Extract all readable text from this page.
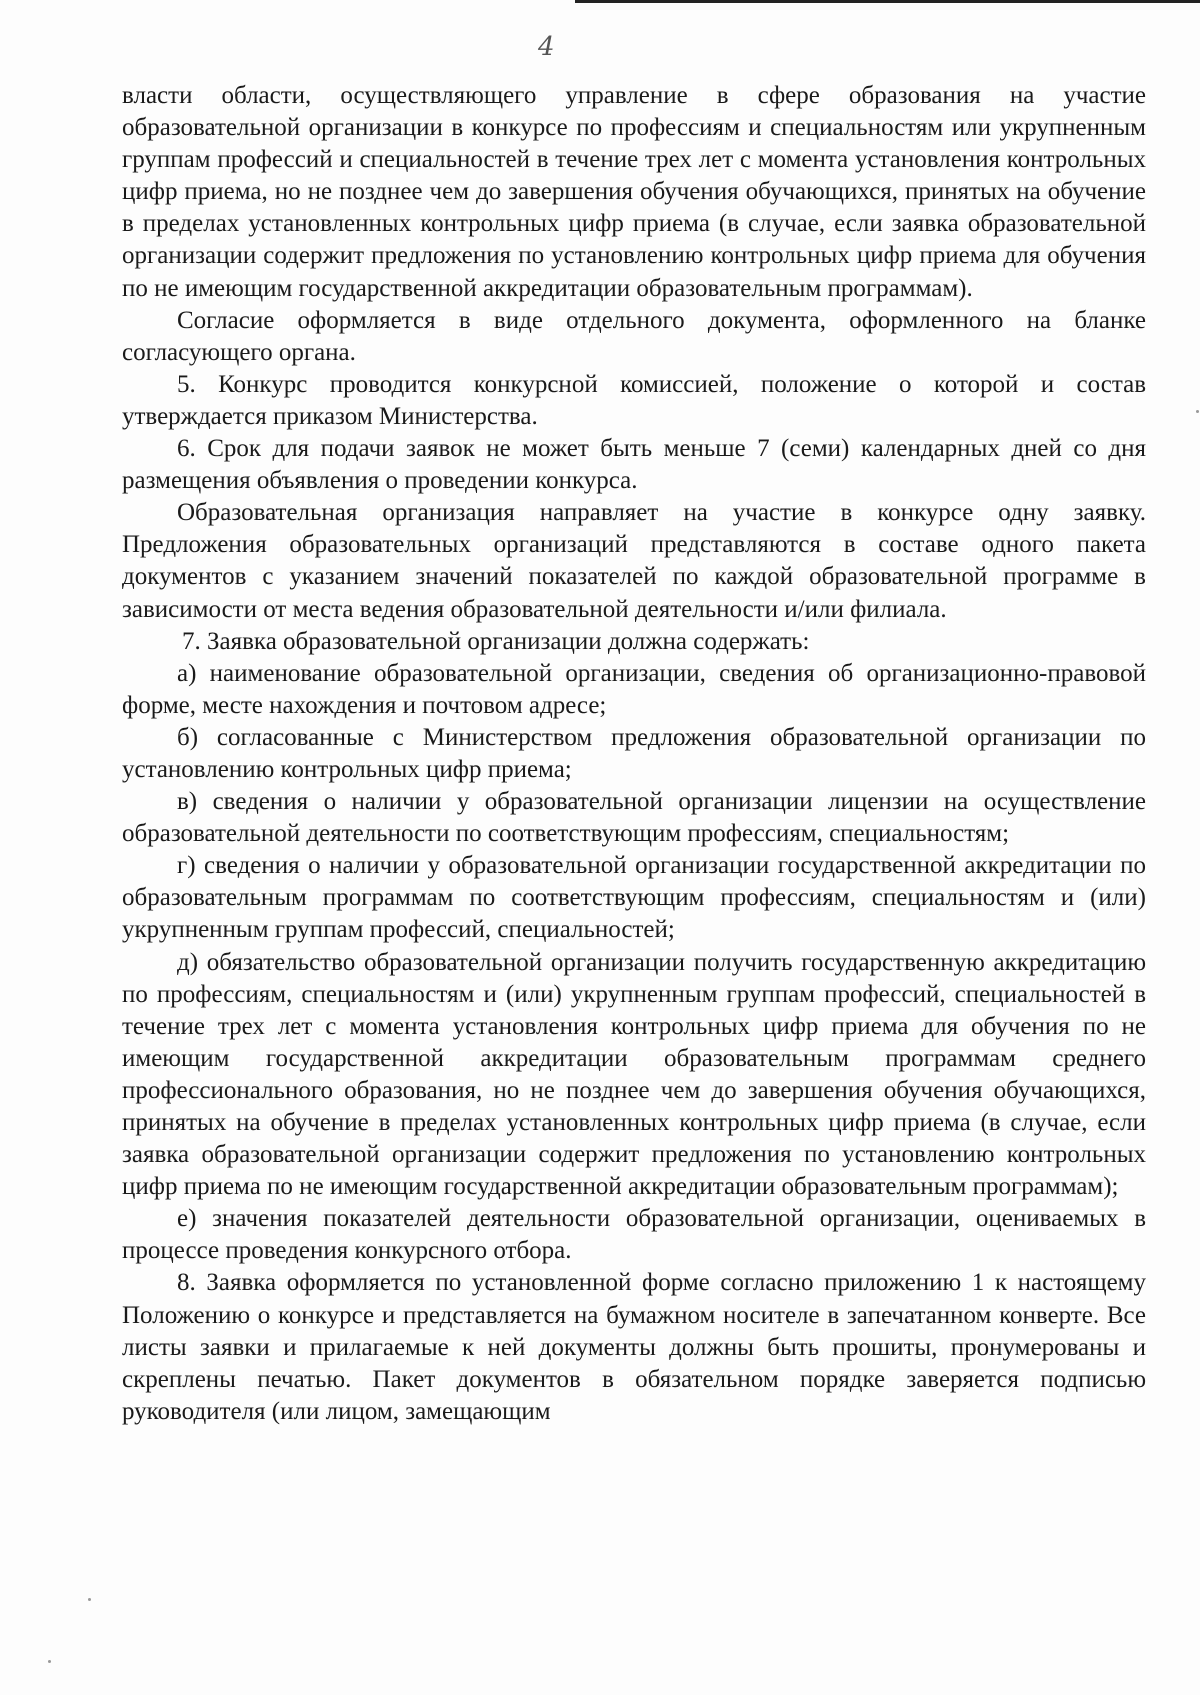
4

власти области, осуществляющего управление в сфере образования на участие образовательной организации в конкурсе по профессиям и специальностям или укрупненным группам профессий и специальностей в течение трех лет с момента установления контрольных цифр приема, но не позднее чем до завершения обучения обучающихся, принятых на обучение в пределах установленных контрольных цифр приема (в случае, если заявка образовательной организации содержит предложения по установлению контрольных цифр приема для обучения по не имеющим государственной аккредитации образовательным программам).

Согласие оформляется в виде отдельного документа, оформленного на бланке согласующего органа.

5. Конкурс проводится конкурсной комиссией, положение о которой и состав утверждается приказом Министерства.

6. Срок для подачи заявок не может быть меньше 7 (семи) календарных дней со дня размещения объявления о проведении конкурса.

Образовательная организация направляет на участие в конкурсе одну заявку. Предложения образовательных организаций представляются в составе одного пакета документов с указанием значений показателей по каждой образовательной программе в зависимости от места ведения образовательной деятельности и/или филиала.

7. Заявка образовательной организации должна содержать:

а) наименование образовательной организации, сведения об организационно-правовой форме, месте нахождения и почтовом адресе;

б) согласованные с Министерством предложения образовательной организации по установлению контрольных цифр приема;

в) сведения о наличии у образовательной организации лицензии на осуществление образовательной деятельности по соответствующим профессиям, специальностям;

г) сведения о наличии у образовательной организации государственной аккредитации по образовательным программам по соответствующим профессиям, специальностям и (или) укрупненным группам профессий, специальностей;

д) обязательство образовательной организации получить государственную аккредитацию по профессиям, специальностям и (или) укрупненным группам профессий, специальностей в течение трех лет с момента установления контрольных цифр приема для обучения по не имеющим государственной аккредитации образовательным программам среднего профессионального образования, но не позднее чем до завершения обучения обучающихся, принятых на обучение в пределах установленных контрольных цифр приема (в случае, если заявка образовательной организации содержит предложения по установлению контрольных цифр приема по не имеющим государственной аккредитации образовательным программам);

е) значения показателей деятельности образовательной организации, оцениваемых в процессе проведения конкурсного отбора.

8. Заявка оформляется по установленной форме согласно приложению 1 к настоящему Положению о конкурсе и представляется на бумажном носителе в запечатанном конверте. Все листы заявки и прилагаемые к ней документы должны быть прошиты, пронумерованы и скреплены печатью. Пакет документов в обязательном порядке заверяется подписью руководителя (или лицом, замещающим
